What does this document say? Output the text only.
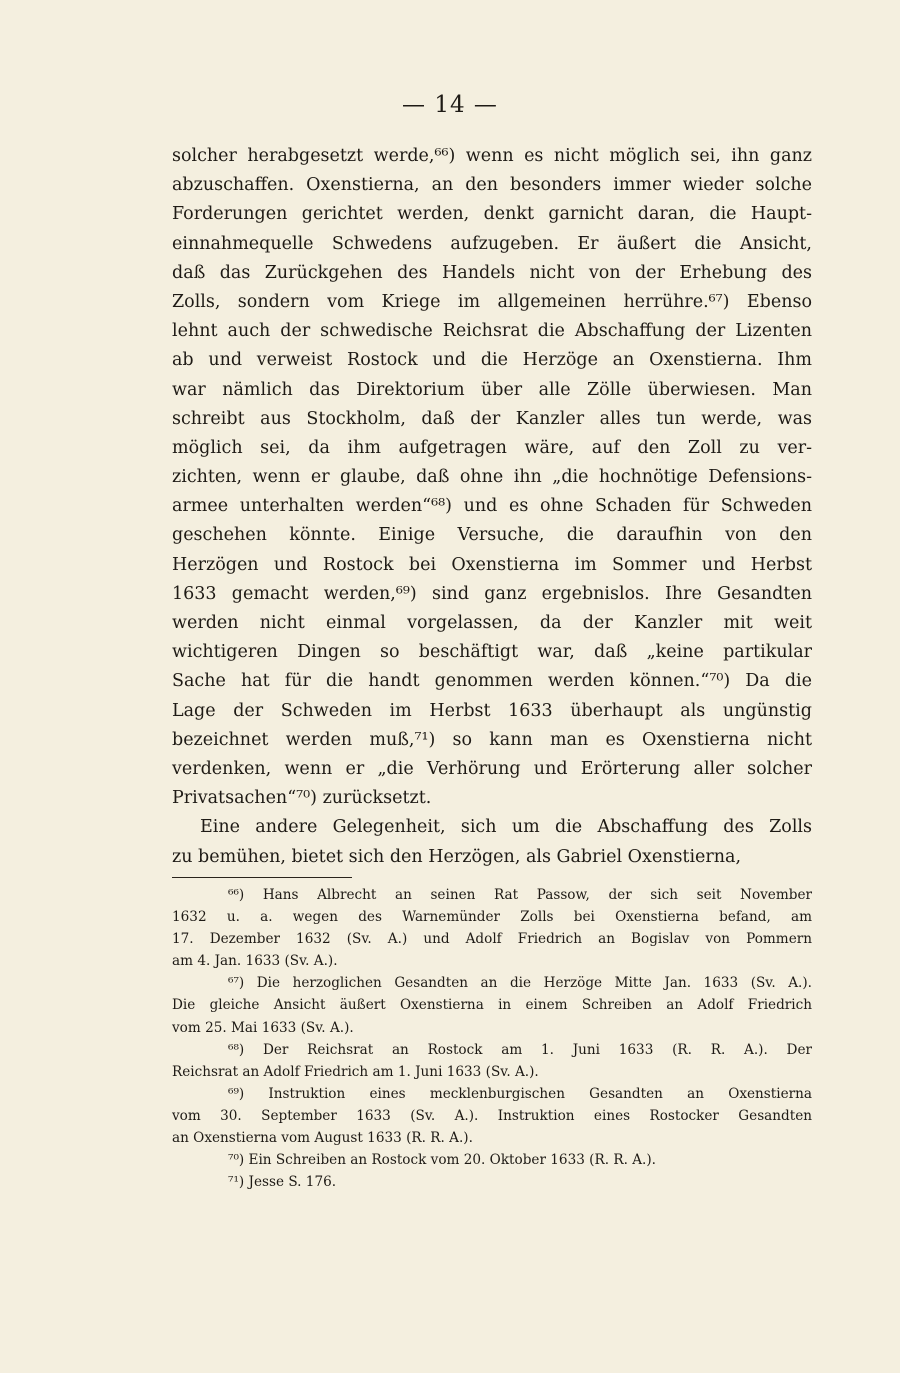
— 14 —
solcher herabgesetzt werde,⁶⁶) wenn es nicht möglich sei, ihn ganz
abzuschaffen. Oxenstierna, an den besonders immer wieder solche
Forderungen gerichtet werden, denkt garnicht daran, die Haupt-
einnahmequelle Schwedens aufzugeben. Er äußert die Ansicht,
daß das Zurückgehen des Handels nicht von der Erhebung des
Zolls, sondern vom Kriege im allgemeinen herrühre.⁶⁷) Ebenso
lehnt auch der schwedische Reichsrat die Abschaffung der Lizenten
ab und verweist Rostock und die Herzöge an Oxenstierna. Ihm
war nämlich das Direktorium über alle Zölle überwiesen. Man
schreibt aus Stockholm, daß der Kanzler alles tun werde, was
möglich sei, da ihm aufgetragen wäre, auf den Zoll zu ver-
zichten, wenn er glaube, daß ohne ihn „die hochnötige Defensions-
armee unterhalten werden“⁶⁸) und es ohne Schaden für Schweden
geschehen könnte. Einige Versuche, die daraufhin von den
Herzögen und Rostock bei Oxenstierna im Sommer und Herbst
1633 gemacht werden,⁶⁹) sind ganz ergebnislos. Ihre Gesandten
werden nicht einmal vorgelassen, da der Kanzler mit weit
wichtigeren Dingen so beschäftigt war, daß „keine partikular
Sache hat für die handt genommen werden können.“⁷⁰) Da die
Lage der Schweden im Herbst 1633 überhaupt als ungünstig
bezeichnet werden muß,⁷¹) so kann man es Oxenstierna nicht
verdenken, wenn er „die Verhörung und Erörterung aller solcher
Privatsachen“⁷⁰) zurücksetzt.
Eine andere Gelegenheit, sich um die Abschaffung des Zolls
zu bemühen, bietet sich den Herzögen, als Gabriel Oxenstierna,
⁶⁶) Hans Albrecht an seinen Rat Passow, der sich seit November
1632 u. a. wegen des Warnemünder Zolls bei Oxenstierna befand, am
17. Dezember 1632 (Sv. A.) und Adolf Friedrich an Bogislav von Pommern
am 4. Jan. 1633 (Sv. A.).
⁶⁷) Die herzoglichen Gesandten an die Herzöge Mitte Jan. 1633 (Sv. A.).
Die gleiche Ansicht äußert Oxenstierna in einem Schreiben an Adolf Friedrich
vom 25. Mai 1633 (Sv. A.).
⁶⁸) Der Reichsrat an Rostock am 1. Juni 1633 (R. R. A.). Der
Reichsrat an Adolf Friedrich am 1. Juni 1633 (Sv. A.).
⁶⁹) Instruktion eines mecklenburgischen Gesandten an Oxenstierna
vom 30. September 1633 (Sv. A.). Instruktion eines Rostocker Gesandten
an Oxenstierna vom August 1633 (R. R. A.).
⁷⁰) Ein Schreiben an Rostock vom 20. Oktober 1633 (R. R. A.).
⁷¹) Jesse S. 176.
